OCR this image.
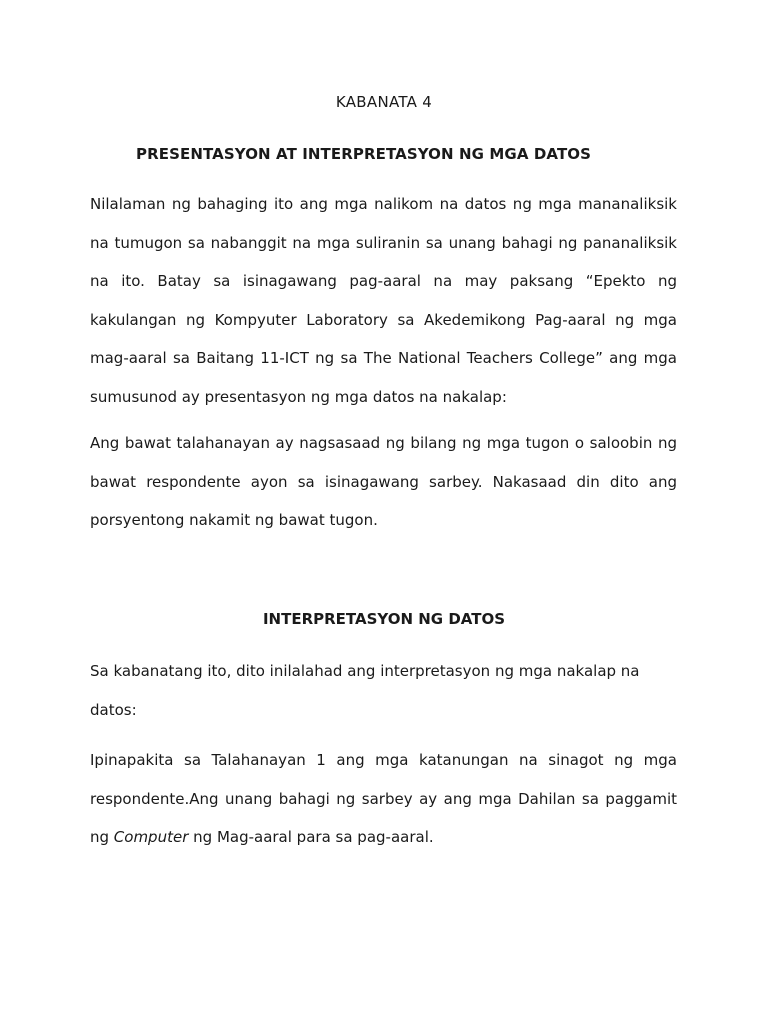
KABANATA 4
PRESENTASYON AT INTERPRETASYON NG MGA DATOS
Nilalaman ng bahaging ito ang mga nalikom na datos ng mga mananaliksik
na tumugon sa nabanggit na mga suliranin sa unang bahagi ng pananaliksik
na ito. Batay sa isinagawang pag-aaral na may paksang “Epekto ng
kakulangan ng Kompyuter Laboratory sa Akedemikong Pag-aaral ng mga
mag-aaral sa Baitang 11-ICT ng sa The National Teachers College” ang mga
sumusunod ay presentasyon ng mga datos na nakalap:
Ang bawat talahanayan ay nagsasaad ng bilang ng mga tugon o saloobin ng
bawat respondente ayon sa isinagawang sarbey. Nakasaad din dito ang
porsyentong nakamit ng bawat tugon.
INTERPRETASYON NG DATOS
Sa kabanatang ito, dito inilalahad ang interpretasyon ng mga nakalap na
datos:
Ipinapakita sa Talahanayan 1 ang mga katanungan na sinagot ng mga
respondente.Ang unang bahagi ng sarbey ay ang mga Dahilan sa paggamit
ng Computer ng Mag-aaral para sa pag-aaral.
